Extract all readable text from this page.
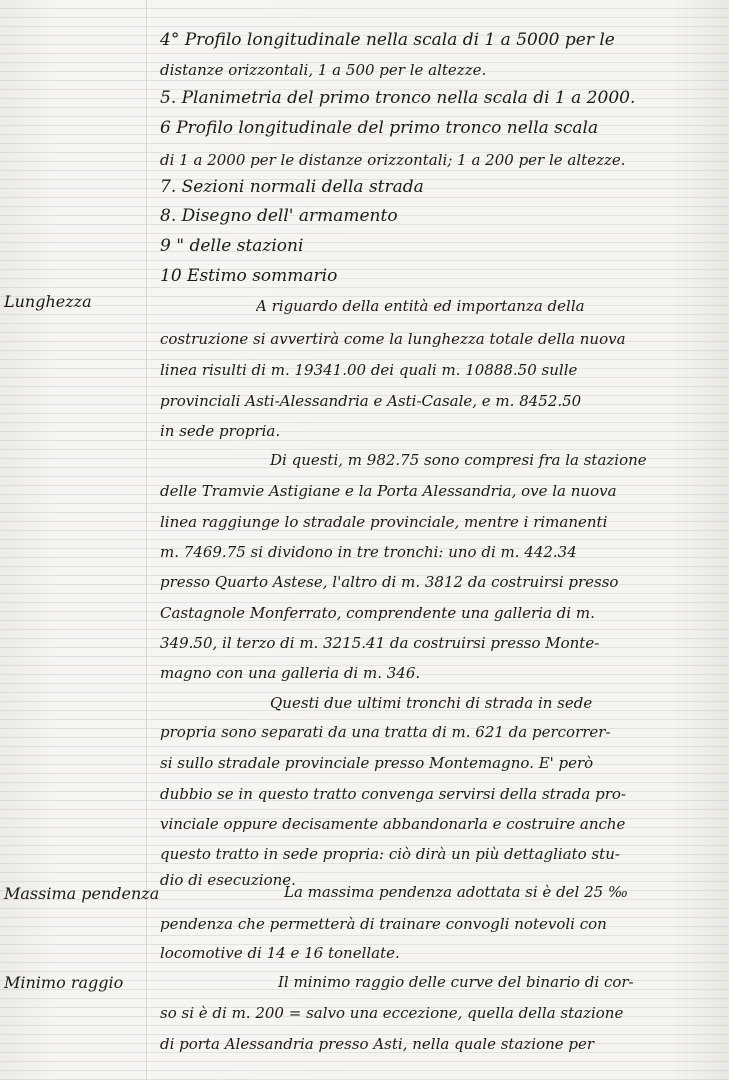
Lunghezza
Massima pendenza
Minimo raggio
4° Profilo longitudinale nella scala di 1 a 5000 per le
distanze orizzontali, 1 a 500 per le altezze.
5. Planimetria del primo tronco nella scala di 1 a 2000.
6 Profilo longitudinale del primo tronco nella scala
di 1 a 2000 per le distanze orizzontali; 1 a 200 per le altezze.
7. Sezioni normali della strada
8. Disegno dell' armamento
9 " delle stazioni
10 Estimo sommario
A riguardo della entità ed importanza della
costruzione si avvertirà come la lunghezza totale della nuova
linea risulti di m. 19341.00 dei quali m. 10888.50 sulle
provinciali Asti-Alessandria e Asti-Casale, e m. 8452.50
in sede propria.
Di questi, m 982.75 sono compresi fra la stazione
delle Tramvie Astigiane e la Porta Alessandria, ove la nuova
linea raggiunge lo stradale provinciale, mentre i rimanenti
m. 7469.75 si dividono in tre tronchi: uno di m. 442.34
presso Quarto Astese, l'altro di m. 3812 da costruirsi presso
Castagnole Monferrato, comprendente una galleria di m.
349.50, il terzo di m. 3215.41 da costruirsi presso Monte-
magno con una galleria di m. 346.
Questi due ultimi tronchi di strada in sede
propria sono separati da una tratta di m. 621 da percorrer-
si sullo stradale provinciale presso Montemagno. E' però
dubbio se in questo tratto convenga servirsi della strada pro-
vinciale oppure decisamente abbandonarla e costruire anche
questo tratto in sede propria: ciò dirà un più dettagliato stu-
dio di esecuzione.
La massima pendenza adottata si è del 25 ‰
pendenza che permetterà di trainare convogli notevoli con
locomotive di 14 e 16 tonellate.
Il minimo raggio delle curve del binario di cor-
so si è di m. 200 = salvo una eccezione, quella della stazione
di porta Alessandria presso Asti, nella quale stazione per
